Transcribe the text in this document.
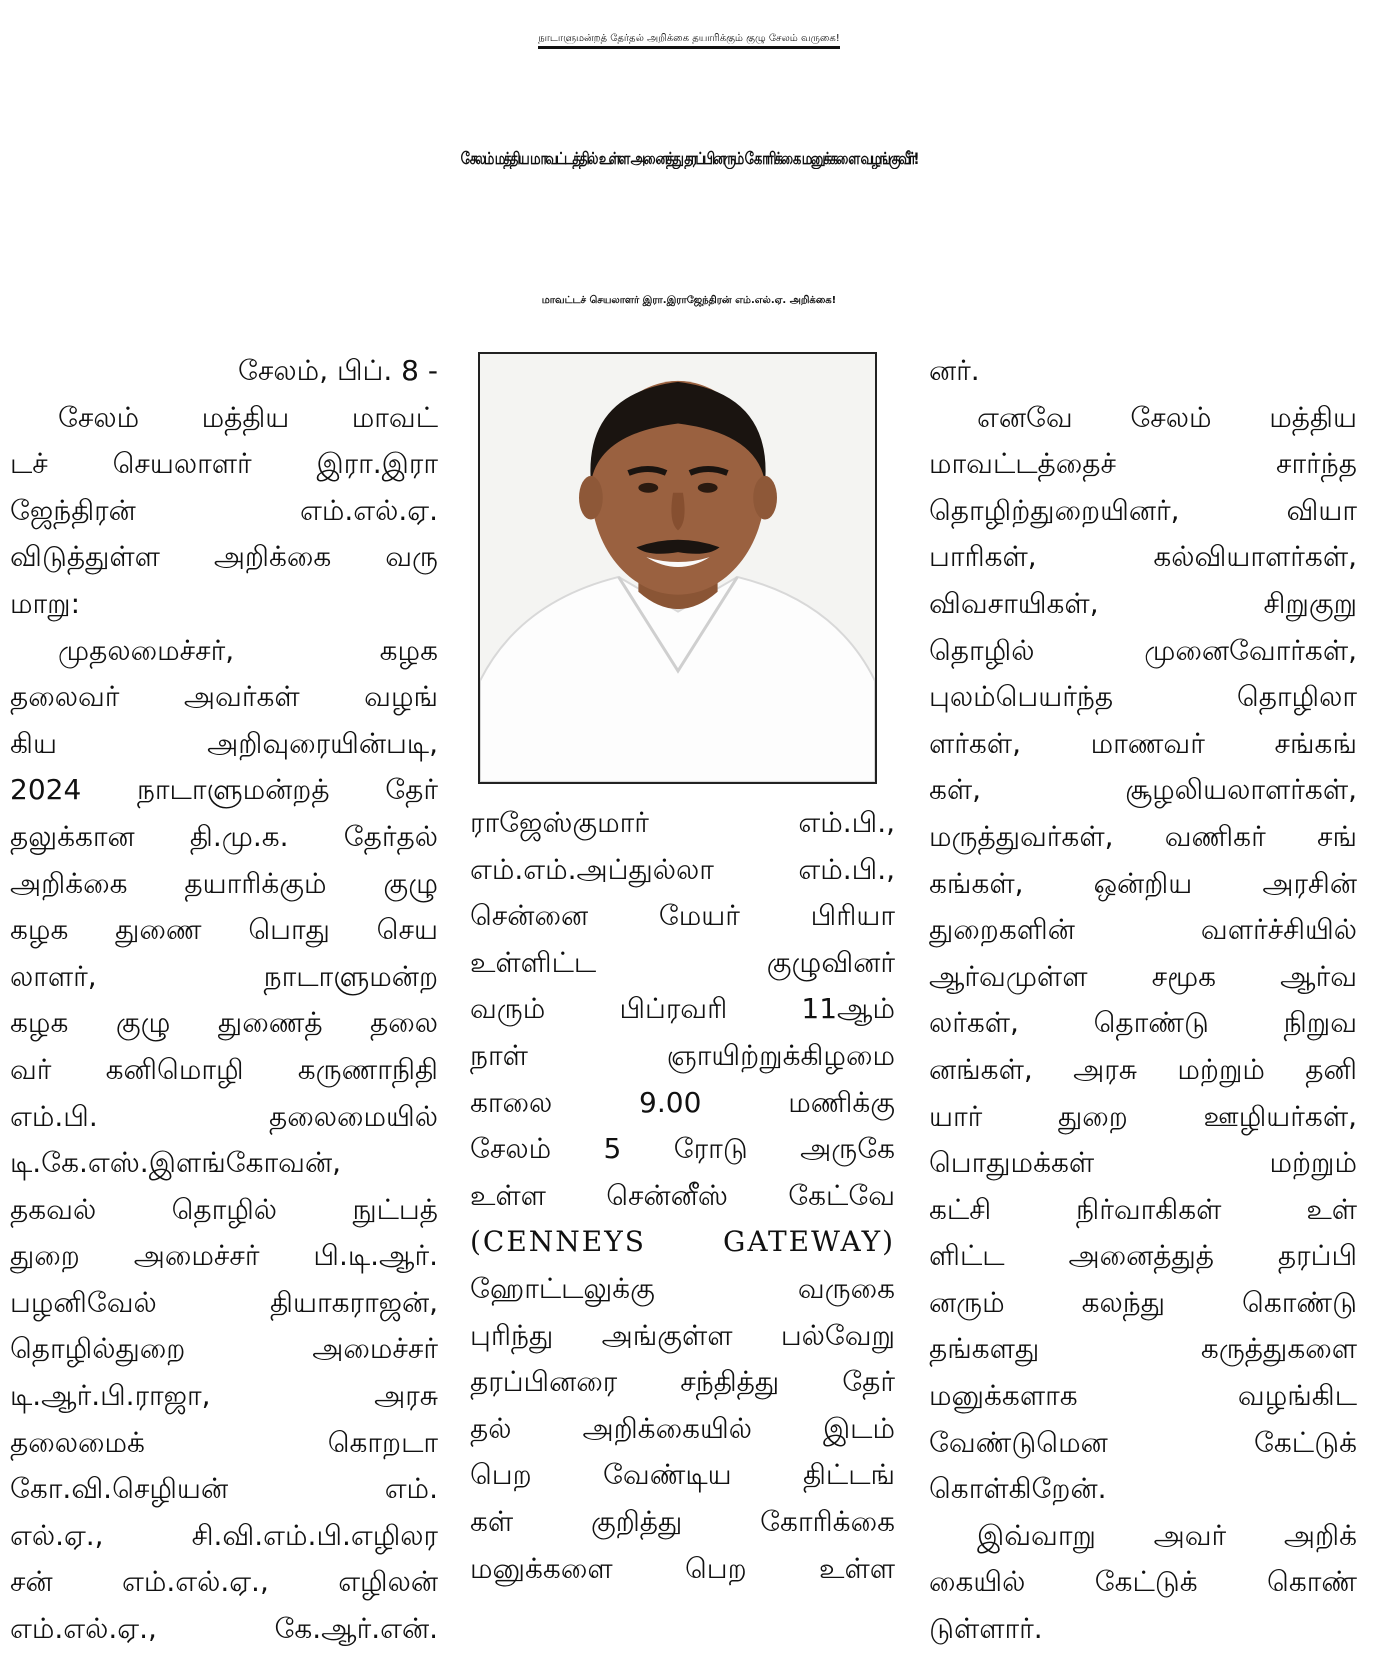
நாடாளுமன்றத் தேர்தல் அறிக்கை தயாரிக்கும் குழு சேலம் வருகை!
சேலம் மத்திய மாவட்டத்தில் உள்ள அனைத்து தரப்பினரும் கோரிக்கை மனுக்களை வழங்குவீர்!
மாவட்டச் செயலாளர் இரா.இராஜேந்திரன் எம்.எல்.ஏ. அறிக்கை!
சேலம், பிப். 8 -
சேலம் மத்திய மாவட்
டச் செயலாளர் இரா.இரா
ஜேந்திரன் எம்.எல்.ஏ.
விடுத்துள்ள அறிக்கை வரு
மாறு:
முதலமைச்சர், கழக
தலைவர் அவர்கள் வழங்
கிய அறிவுரையின்படி,
2024 நாடாளுமன்றத் தேர்
தலுக்கான தி.மு.க. தேர்தல்
அறிக்கை தயாரிக்கும் குழு
கழக துணை பொது செய
லாளர், நாடாளுமன்ற
கழக குழு துணைத் தலை
வர் கனிமொழி கருணாநிதி
எம்.பி. தலைமையில்
டி.கே.எஸ்.இளங்கோவன்,
தகவல் தொழில் நுட்பத்
துறை அமைச்சர் பி.டி.ஆர்.
பழனிவேல் தியாகராஜன்,
தொழில்துறை அமைச்சர்
டி.ஆர்.பி.ராஜா, அரசு
தலைமைக் கொறடா
கோ.வி.செழியன் எம்.
எல்.ஏ., சி.வி.எம்.பி.எழிலர
சன் எம்.எல்.ஏ., எழிலன்
எம்.எல்.ஏ., கே.ஆர்.என்.
ராஜேஸ்குமார் எம்.பி.,
எம்.எம்.அப்துல்லா எம்.பி.,
சென்னை மேயர் பிரியா
உள்ளிட்ட குழுவினர்
வரும் பிப்ரவரி 11ஆம்
நாள் ஞாயிற்றுக்கிழமை
காலை 9.00 மணிக்கு
சேலம் 5 ரோடு அருகே
உள்ள சென்னீஸ் கேட்வே
(CENNEYS GATEWAY)
ஹோட்டலுக்கு வருகை
புரிந்து அங்குள்ள பல்வேறு
தரப்பினரை சந்தித்து தேர்
தல் அறிக்கையில் இடம்
பெற வேண்டிய திட்டங்
கள் குறித்து கோரிக்கை
மனுக்களை பெற உள்ள
னர்.
எனவே சேலம் மத்திய
மாவட்டத்தைச் சார்ந்த
தொழிற்துறையினர், வியா
பாரிகள், கல்வியாளர்கள்,
விவசாயிகள், சிறுகுறு
தொழில் முனைவோர்கள்,
புலம்பெயர்ந்த தொழிலா
ளர்கள், மாணவர் சங்கங்
கள், சூழலியலாளர்கள்,
மருத்துவர்கள், வணிகர் சங்
கங்கள், ஒன்றிய அரசின்
துறைகளின் வளர்ச்சியில்
ஆர்வமுள்ள சமூக ஆர்வ
லர்கள், தொண்டு நிறுவ
னங்கள், அரசு மற்றும் தனி
யார் துறை ஊழியர்கள்,
பொதுமக்கள் மற்றும்
கட்சி நிர்வாகிகள் உள்
ளிட்ட அனைத்துத் தரப்பி
னரும் கலந்து கொண்டு
தங்களது கருத்துகளை
மனுக்களாக வழங்கிட
வேண்டுமென கேட்டுக்
கொள்கிறேன்.
இவ்வாறு அவர் அறிக்
கையில் கேட்டுக் கொண்
டுள்ளார்.
